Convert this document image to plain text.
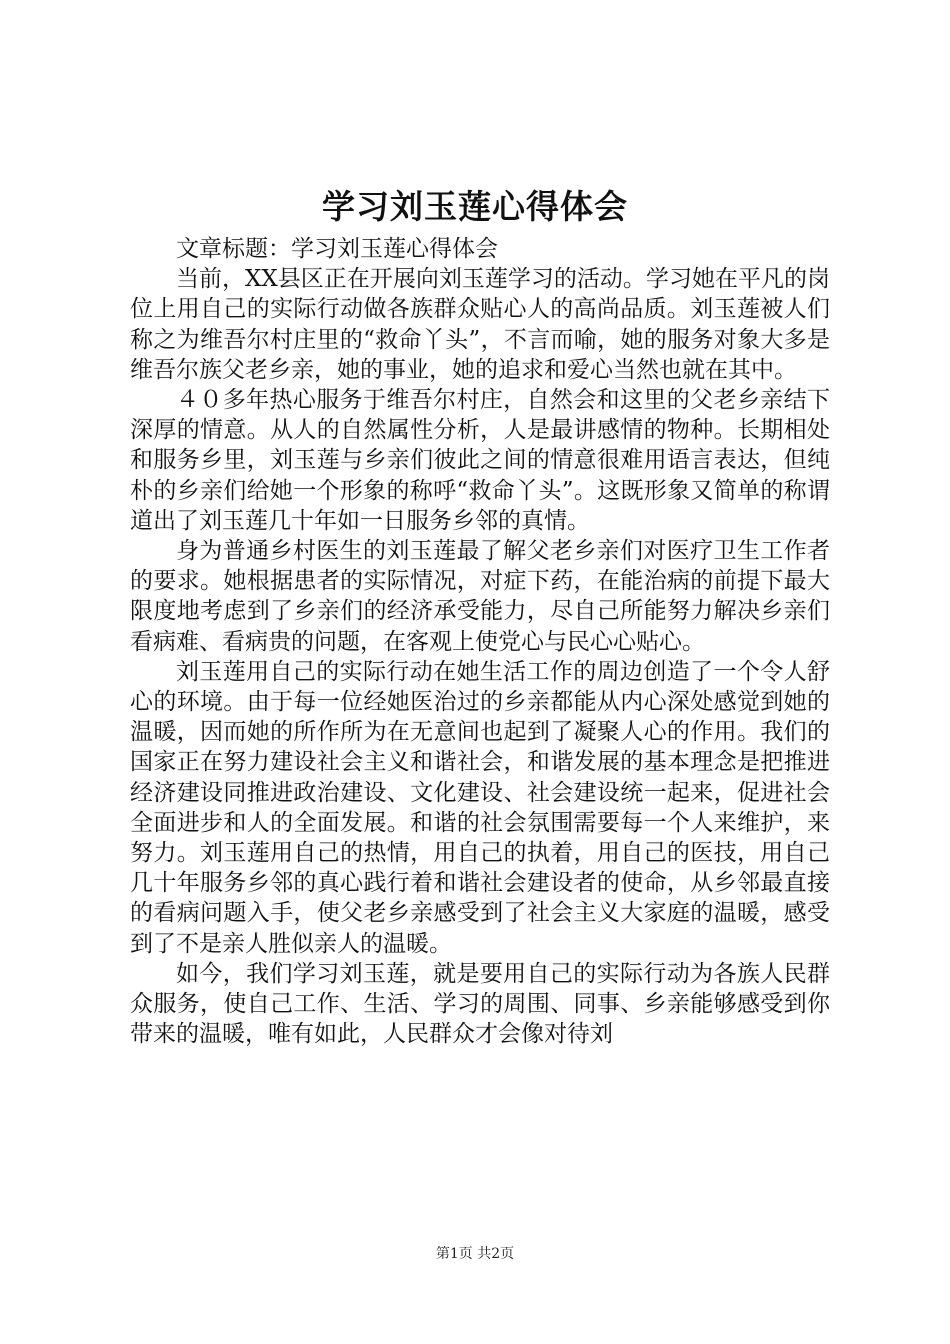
学习刘玉莲心得体会

文章标题：学习刘玉莲心得体会

当前，XX县区正在开展向刘玉莲学习的活动。学习她在平凡的岗位上用自己的实际行动做各族群众贴心人的高尚品质。刘玉莲被人们称之为维吾尔村庄里的“救命丫头”，不言而喻，她的服务对象大多是维吾尔族父老乡亲，她的事业，她的追求和爱心当然也就在其中。

４０多年热心服务于维吾尔村庄，自然会和这里的父老乡亲结下深厚的情意。从人的自然属性分析，人是最讲感情的物种。长期相处和服务乡里，刘玉莲与乡亲们彼此之间的情意很难用语言表达，但纯朴的乡亲们给她一个形象的称呼“救命丫头”。这既形象又简单的称谓道出了刘玉莲几十年如一日服务乡邻的真情。

身为普通乡村医生的刘玉莲最了解父老乡亲们对医疗卫生工作者的要求。她根据患者的实际情况，对症下药，在能治病的前提下最大限度地考虑到了乡亲们的经济承受能力，尽自己所能努力解决乡亲们看病难、看病贵的问题，在客观上使党心与民心心贴心。

刘玉莲用自己的实际行动在她生活工作的周边创造了一个令人舒心的环境。由于每一位经她医治过的乡亲都能从内心深处感觉到她的温暖，因而她的所作所为在无意间也起到了凝聚人心的作用。我们的国家正在努力建设社会主义和谐社会，和谐发展的基本理念是把推进经济建设同推进政治建设、文化建设、社会建设统一起来，促进社会全面进步和人的全面发展。和谐的社会氛围需要每一个人来维护，来努力。刘玉莲用自己的热情，用自己的执着，用自己的医技，用自己几十年服务乡邻的真心践行着和谐社会建设者的使命，从乡邻最直接的看病问题入手，使父老乡亲感受到了社会主义大家庭的温暖，感受到了不是亲人胜似亲人的温暖。

如今，我们学习刘玉莲，就是要用自己的实际行动为各族人民群众服务，使自己工作、生活、学习的周围、同事、乡亲能够感受到你带来的温暖，唯有如此，人民群众才会像对待刘

第1页 共2页
